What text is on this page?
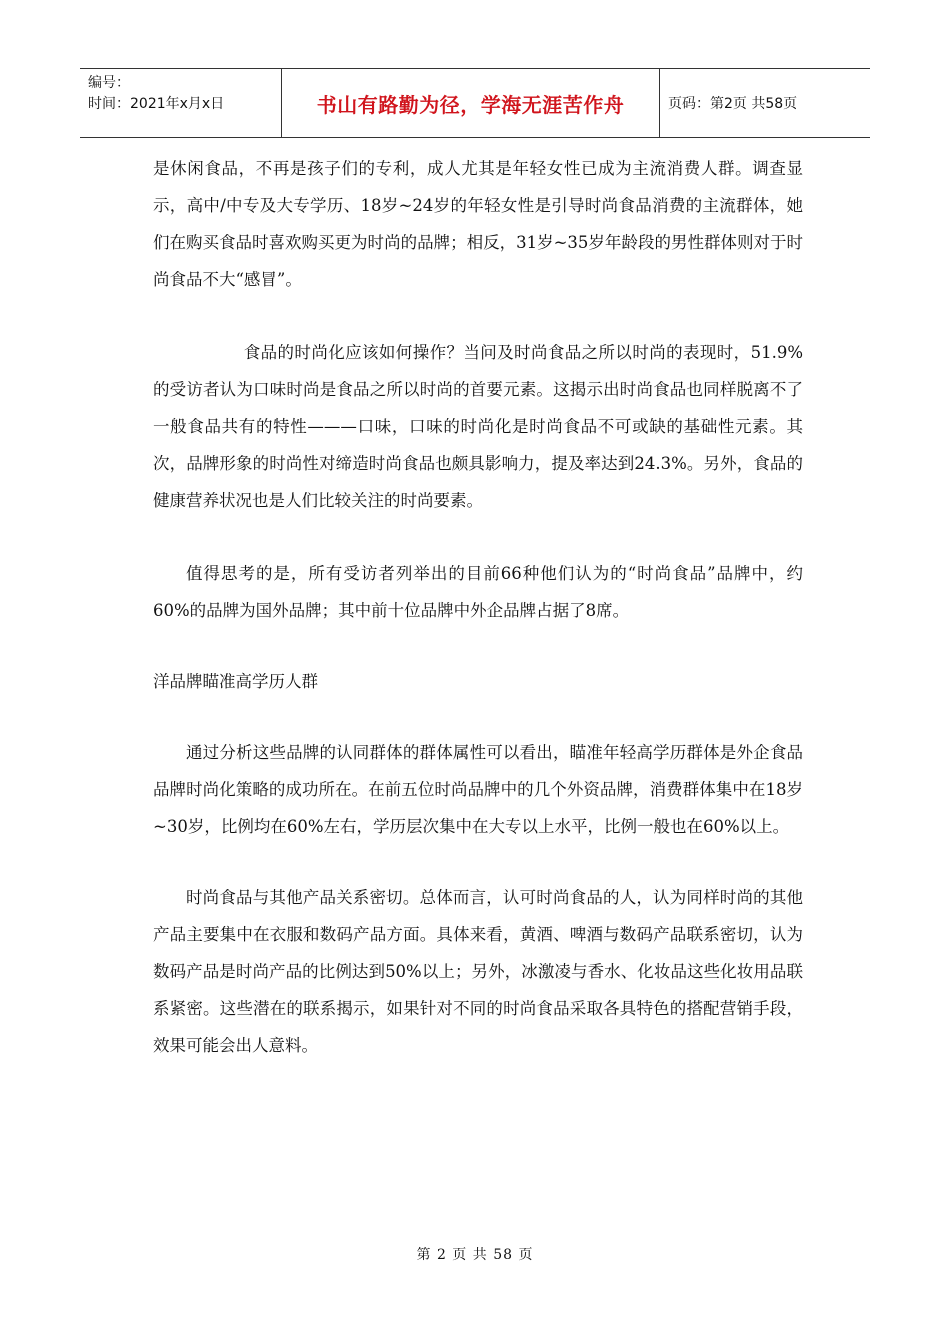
编号：
时间：2021年x月x日	书山有路勤为径，学海无涯苦作舟	页码：第2页 共58页

是休闲食品，不再是孩子们的专利，成人尤其是年轻女性已成为主流消费人群。调查显示，高中/中专及大专学历、18岁~24岁的年轻女性是引导时尚食品消费的主流群体，她们在购买食品时喜欢购买更为时尚的品牌；相反，31岁~35岁年龄段的男性群体则对于时尚食品不大“感冒”。

食品的时尚化应该如何操作？当问及时尚食品之所以时尚的表现时，51.9%的受访者认为口味时尚是食品之所以时尚的首要元素。这揭示出时尚食品也同样脱离不了一般食品共有的特性———口味，口味的时尚化是时尚食品不可或缺的基础性元素。其次，品牌形象的时尚性对缔造时尚食品也颇具影响力，提及率达到24.3%。另外，食品的健康营养状况也是人们比较关注的时尚要素。

值得思考的是，所有受访者列举出的目前66种他们认为的“时尚食品”品牌中，约60%的品牌为国外品牌；其中前十位品牌中外企品牌占据了8席。

洋品牌瞄准高学历人群

通过分析这些品牌的认同群体的群体属性可以看出，瞄准年轻高学历群体是外企食品品牌时尚化策略的成功所在。在前五位时尚品牌中的几个外资品牌，消费群体集中在18岁~30岁，比例均在60%左右，学历层次集中在大专以上水平，比例一般也在60%以上。

时尚食品与其他产品关系密切。总体而言，认可时尚食品的人，认为同样时尚的其他产品主要集中在衣服和数码产品方面。具体来看，黄酒、啤酒与数码产品联系密切，认为数码产品是时尚产品的比例达到50%以上；另外，冰激凌与香水、化妆品这些化妆用品联系紧密。这些潜在的联系揭示，如果针对不同的时尚食品采取各具特色的搭配营销手段，效果可能会出人意料。

第 2 页 共 58 页
